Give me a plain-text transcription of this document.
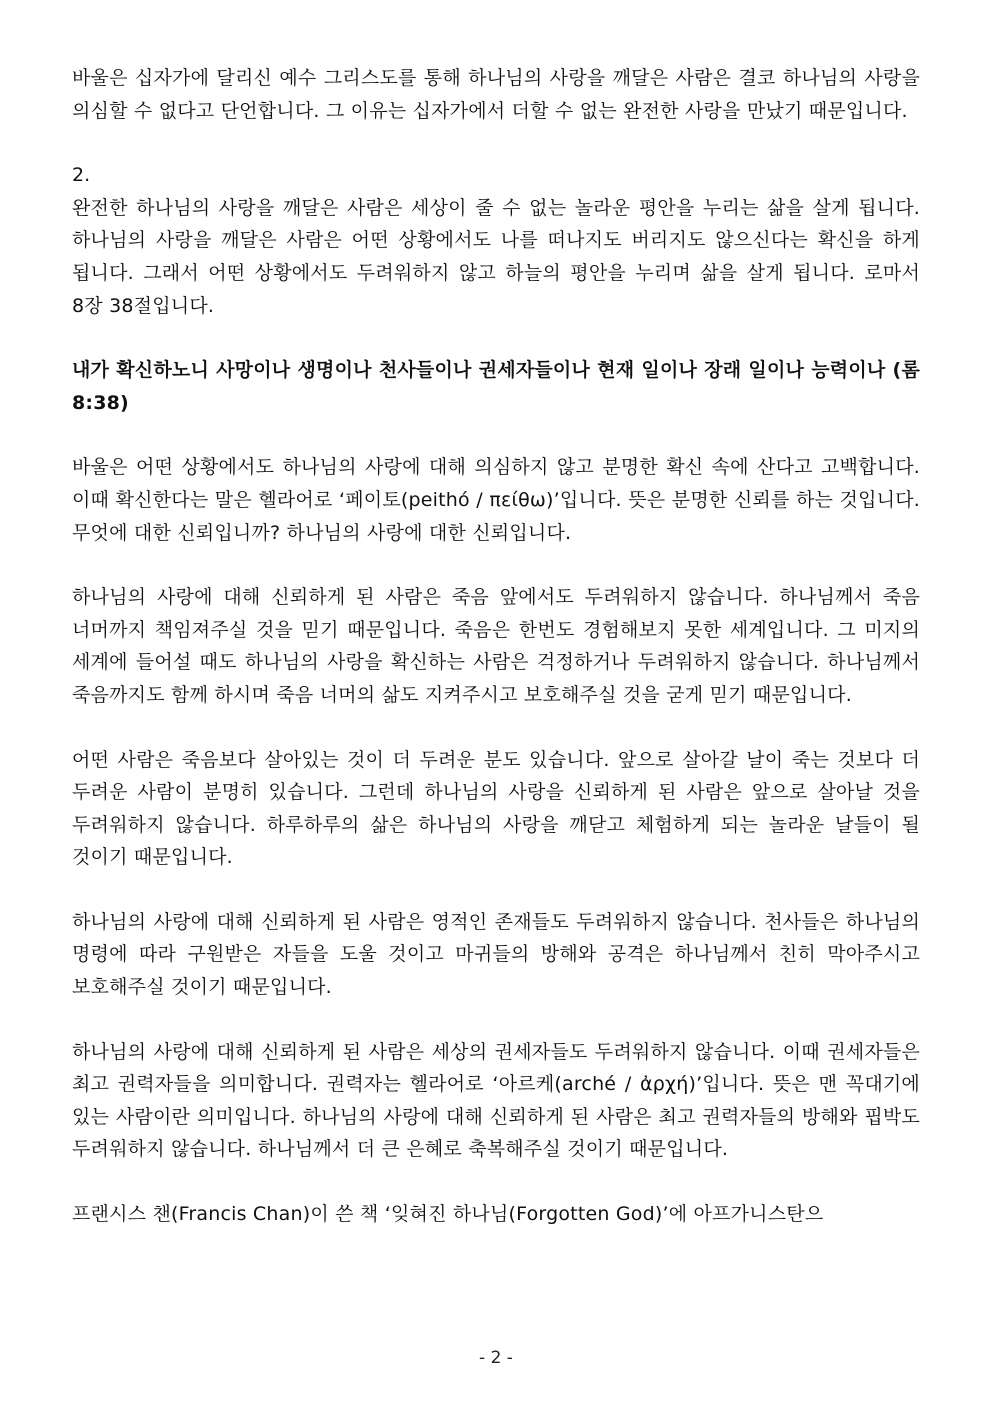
바울은 십자가에 달리신 예수 그리스도를 통해 하나님의 사랑을 깨달은 사람은 결코 하나님의 사랑을 의심할 수 없다고 단언합니다. 그 이유는 십자가에서 더할 수 없는 완전한 사랑을 만났기 때문입니다.

2.

완전한 하나님의 사랑을 깨달은 사람은 세상이 줄 수 없는 놀라운 평안을 누리는 삶을 살게 됩니다. 하나님의 사랑을 깨달은 사람은 어떤 상황에서도 나를 떠나지도 버리지도 않으신다는 확신을 하게 됩니다. 그래서 어떤 상황에서도 두려워하지 않고 하늘의 평안을 누리며 삶을 살게 됩니다. 로마서 8장 38절입니다.

내가 확신하노니 사망이나 생명이나 천사들이나 권세자들이나 현재 일이나 장래 일이나 능력이나 (롬 8:38)

바울은 어떤 상황에서도 하나님의 사랑에 대해 의심하지 않고 분명한 확신 속에 산다고 고백합니다. 이때 확신한다는 말은 헬라어로 ‘페이토(peithó / πείθω)’입니다. 뜻은 분명한 신뢰를 하는 것입니다. 무엇에 대한 신뢰입니까? 하나님의 사랑에 대한 신뢰입니다.

하나님의 사랑에 대해 신뢰하게 된 사람은 죽음 앞에서도 두려워하지 않습니다. 하나님께서 죽음 너머까지 책임져주실 것을 믿기 때문입니다. 죽음은 한번도 경험해보지 못한 세계입니다. 그 미지의 세계에 들어설 때도 하나님의 사랑을 확신하는 사람은 걱정하거나 두려워하지 않습니다. 하나님께서 죽음까지도 함께 하시며 죽음 너머의 삶도 지켜주시고 보호해주실 것을 굳게 믿기 때문입니다.

어떤 사람은 죽음보다 살아있는 것이 더 두려운 분도 있습니다. 앞으로 살아갈 날이 죽는 것보다 더 두려운 사람이 분명히 있습니다. 그런데 하나님의 사랑을 신뢰하게 된 사람은 앞으로 살아날 것을 두려워하지 않습니다. 하루하루의 삶은 하나님의 사랑을 깨닫고 체험하게 되는 놀라운 날들이 될 것이기 때문입니다.

하나님의 사랑에 대해 신뢰하게 된 사람은 영적인 존재들도 두려워하지 않습니다. 천사들은 하나님의 명령에 따라 구원받은 자들을 도울 것이고 마귀들의 방해와 공격은 하나님께서 친히 막아주시고 보호해주실 것이기 때문입니다.

하나님의 사랑에 대해 신뢰하게 된 사람은 세상의 권세자들도 두려워하지 않습니다. 이때 권세자들은 최고 권력자들을 의미합니다. 권력자는 헬라어로 ‘아르케(arché / ἀρχή)’입니다. 뜻은 맨 꼭대기에 있는 사람이란 의미입니다. 하나님의 사랑에 대해 신뢰하게 된 사람은 최고 권력자들의 방해와 핍박도 두려워하지 않습니다. 하나님께서 더 큰 은혜로 축복해주실 것이기 때문입니다.

프랜시스 챈(Francis Chan)이 쓴 책 ‘잊혀진 하나님(Forgotten God)’에 아프가니스탄으

- 2 -
